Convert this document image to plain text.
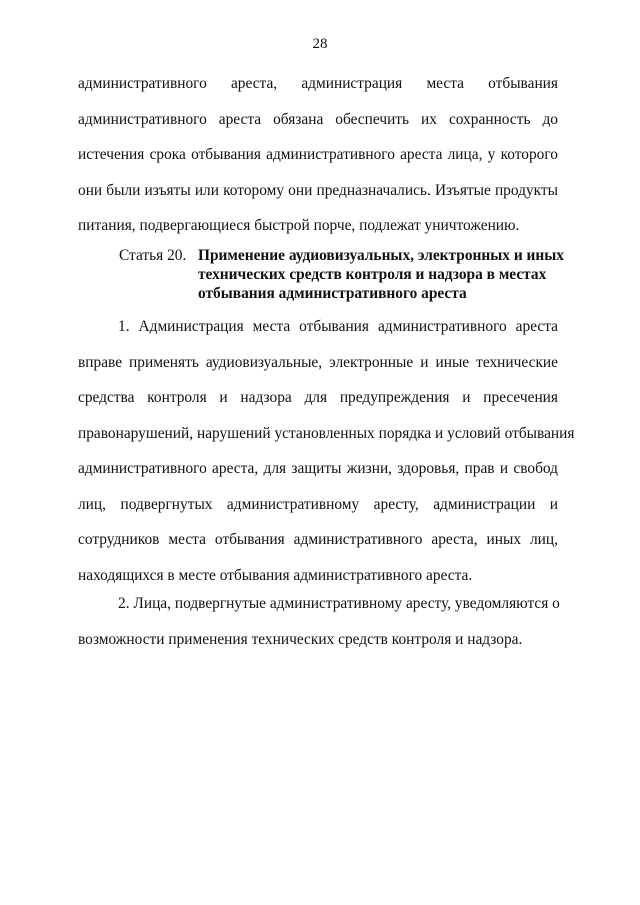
28
административного ареста, администрация места отбывания
административного ареста обязана обеспечить их сохранность до
истечения срока отбывания административного ареста лица, у которого
они были изъяты или которому они предназначались. Изъятые продукты
питания, подвергающиеся быстрой порче, подлежат уничтожению.
Статья 20. Применение аудиовизуальных, электронных и иных
технических средств контроля и надзора в местах
отбывания административного ареста
1. Администрация места отбывания административного ареста
вправе применять аудиовизуальные, электронные и иные технические
средства контроля и надзора для предупреждения и пресечения
правонарушений, нарушений установленных порядка и условий отбывания
административного ареста, для защиты жизни, здоровья, прав и свобод
лиц, подвергнутых административному аресту, администрации и
сотрудников места отбывания административного ареста, иных лиц,
находящихся в месте отбывания административного ареста.
2. Лица, подвергнутые административному аресту, уведомляются о
возможности применения технических средств контроля и надзора.
